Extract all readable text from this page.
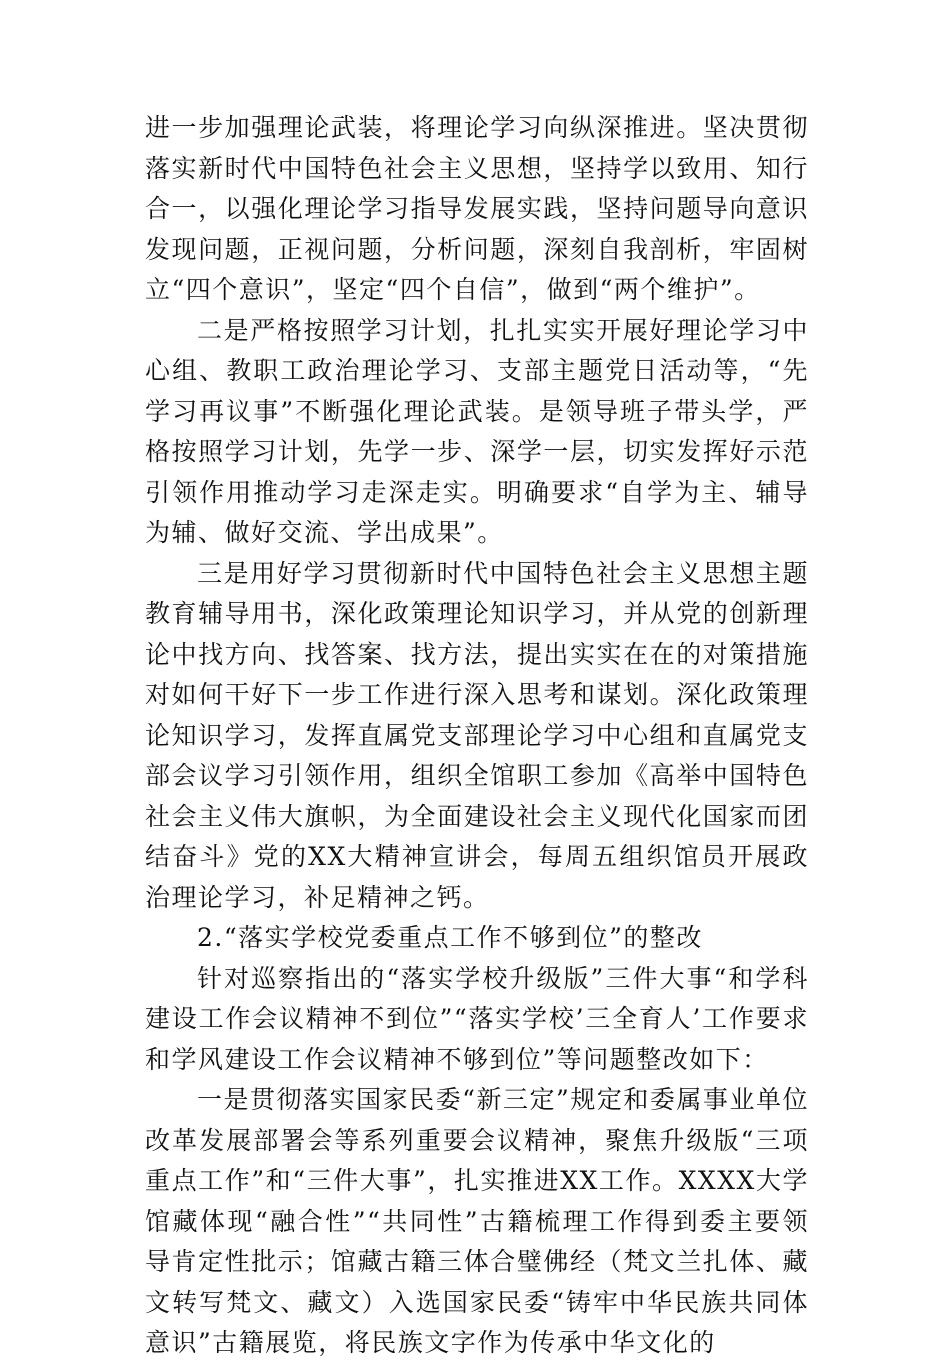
进一步加强理论武装，将理论学习向纵深推进。坚决贯彻落实新时代中国特色社会主义思想，坚持学以致用、知行合一，以强化理论学习指导发展实践，坚持问题导向意识发现问题，正视问题，分析问题，深刻自我剖析，牢固树立“四个意识”，坚定“四个自信”，做到“两个维护”。

二是严格按照学习计划，扎扎实实开展好理论学习中心组、教职工政治理论学习、支部主题党日活动等，“先学习再议事”不断强化理论武装。是领导班子带头学，严格按照学习计划，先学一步、深学一层，切实发挥好示范引领作用推动学习走深走实。明确要求“自学为主、辅导为辅、做好交流、学出成果”。

三是用好学习贯彻新时代中国特色社会主义思想主题教育辅导用书，深化政策理论知识学习，并从党的创新理论中找方向、找答案、找方法，提出实实在在的对策措施对如何干好下一步工作进行深入思考和谋划。深化政策理论知识学习，发挥直属党支部理论学习中心组和直属党支部会议学习引领作用，组织全馆职工参加《高举中国特色社会主义伟大旗帜，为全面建设社会主义现代化国家而团结奋斗》党的XX大精神宣讲会，每周五组织馆员开展政治理论学习，补足精神之钙。

2.“落实学校党委重点工作不够到位”的整改

针对巡察指出的“落实学校升级版”三件大事“和学科建设工作会议精神不到位”“落实学校’三全育人’工作要求和学风建设工作会议精神不够到位”等问题整改如下：

一是贯彻落实国家民委“新三定”规定和委属事业单位改革发展部署会等系列重要会议精神，聚焦升级版“三项重点工作”和“三件大事”，扎实推进XX工作。XXXX大学馆藏体现“融合性”“共同性”古籍梳理工作得到委主要领导肯定性批示；馆藏古籍三体合璧佛经（梵文兰扎体、藏文转写梵文、藏文）入选国家民委“铸牢中华民族共同体意识”古籍展览，将民族文字作为传承中华文化的
